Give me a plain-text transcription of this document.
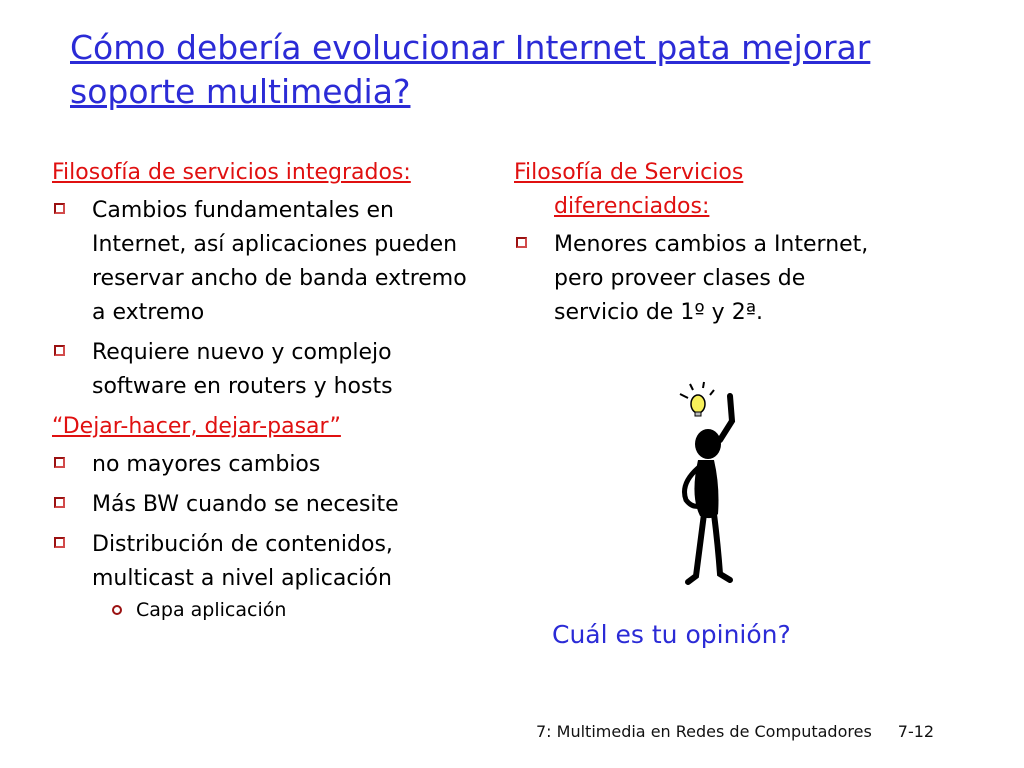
Cómo debería evolucionar Internet pata mejorar soporte multimedia?

Filosofía de servicios integrados:

Cambios fundamentales en Internet, así aplicaciones pueden reservar ancho de banda extremo a extremo
Requiere nuevo y complejo software en routers y hosts

“Dejar-hacer, dejar-pasar”

no mayores cambios
Más BW cuando se necesite
Distribución de contenidos, multicast a nivel aplicación
Capa aplicación

Filosofía de Servicios diferenciados:

Menores cambios a Internet, pero proveer clases de servicio de 1º y 2ª.

Cuál es tu opinión?

7: Multimedia en Redes de Computadores 7-12
